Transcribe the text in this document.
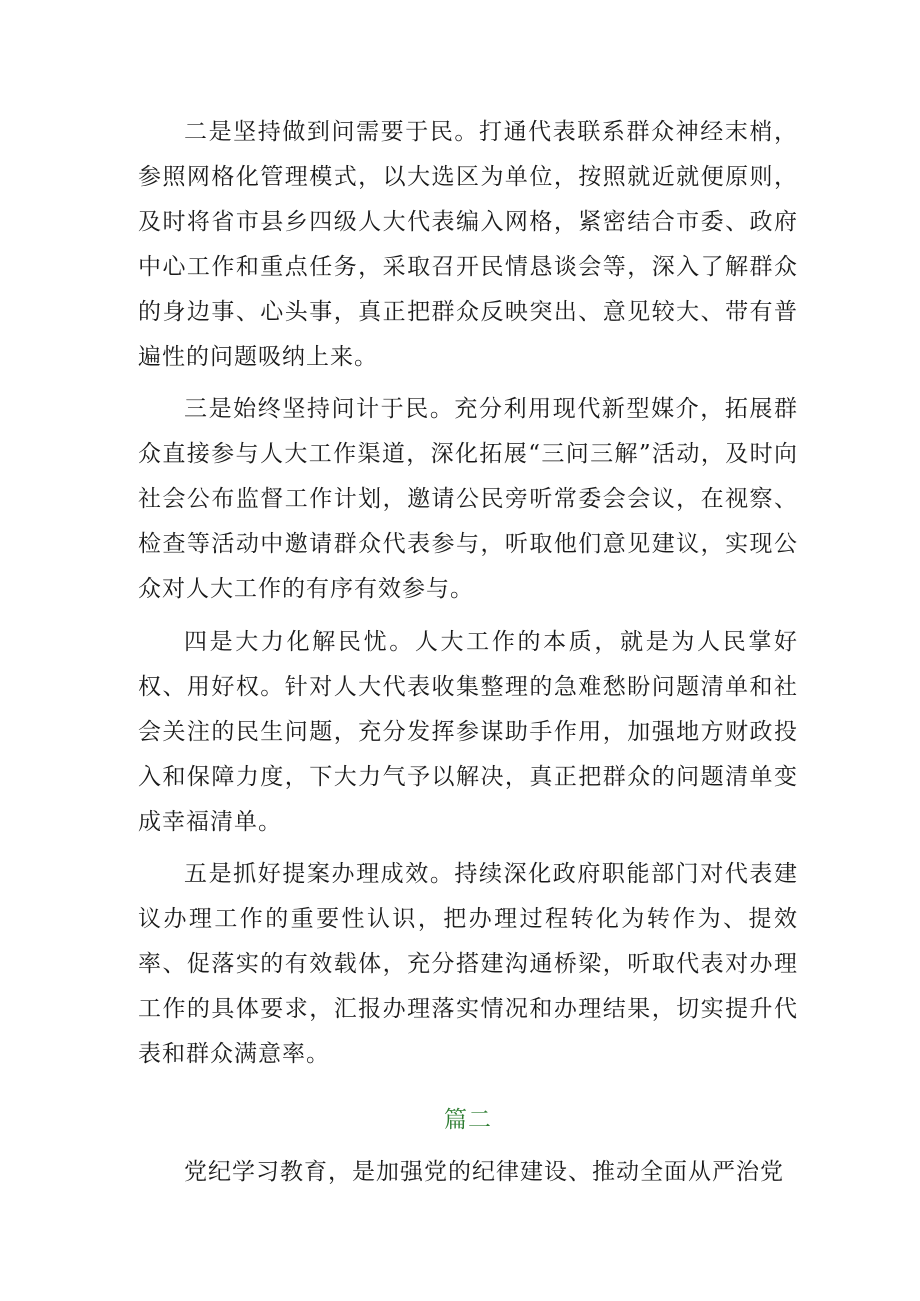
二是坚持做到问需要于民。打通代表联系群众神经末梢，参照网格化管理模式，以大选区为单位，按照就近就便原则，及时将省市县乡四级人大代表编入网格，紧密结合市委、政府中心工作和重点任务，采取召开民情恳谈会等，深入了解群众的身边事、心头事，真正把群众反映突出、意见较大、带有普遍性的问题吸纳上来。

三是始终坚持问计于民。充分利用现代新型媒介，拓展群众直接参与人大工作渠道，深化拓展“三问三解”活动，及时向社会公布监督工作计划，邀请公民旁听常委会会议，在视察、检查等活动中邀请群众代表参与，听取他们意见建议，实现公众对人大工作的有序有效参与。

四是大力化解民忧。人大工作的本质，就是为人民掌好权、用好权。针对人大代表收集整理的急难愁盼问题清单和社会关注的民生问题，充分发挥参谋助手作用，加强地方财政投入和保障力度，下大力气予以解决，真正把群众的问题清单变成幸福清单。

五是抓好提案办理成效。持续深化政府职能部门对代表建议办理工作的重要性认识，把办理过程转化为转作为、提效率、促落实的有效载体，充分搭建沟通桥梁，听取代表对办理工作的具体要求，汇报办理落实情况和办理结果，切实提升代表和群众满意率。

篇二

党纪学习教育，是加强党的纪律建设、推动全面从严治党
